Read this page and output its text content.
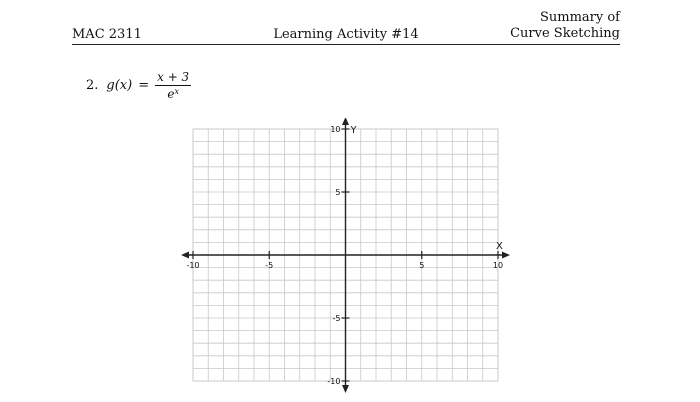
MAC 2311	Learning Activity #14
Summary of
Curve Sketching
2. $g(x) = \frac{x + 3}{e^x}$
-10	-5	5	10
10
5
-5
-10
X
Y
